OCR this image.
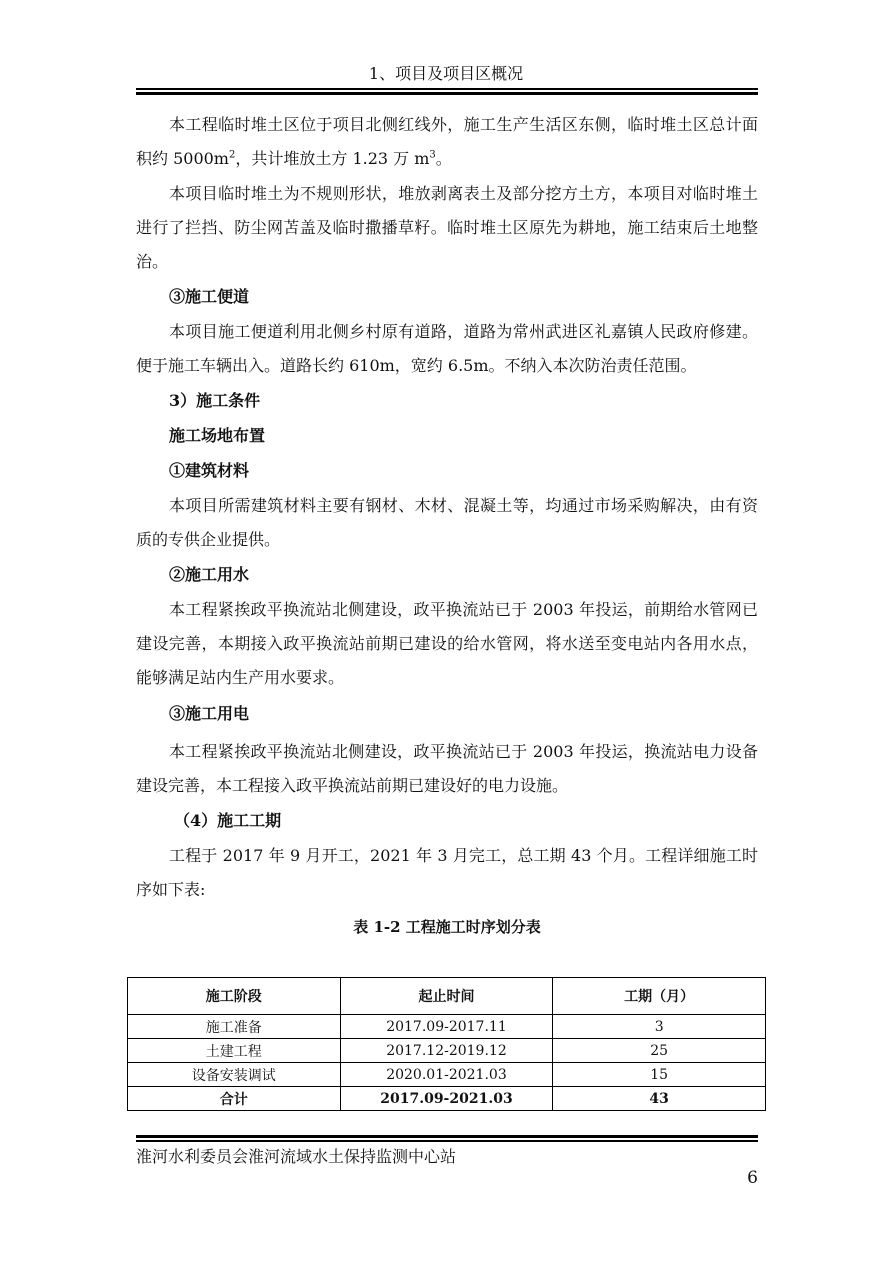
1、项目及项目区概况

本工程临时堆土区位于项目北侧红线外，施工生产生活区东侧，临时堆土区总计面积约 $5000m^2$，共计堆放土方 1.23 万 $m^3$。

本项目临时堆土为不规则形状，堆放剥离表土及部分挖方土方，本项目对临时堆土进行了拦挡、防尘网苫盖及临时撒播草籽。临时堆土区原先为耕地，施工结束后土地整治。

③施工便道

本项目施工便道利用北侧乡村原有道路，道路为常州武进区礼嘉镇人民政府修建。便于施工车辆出入。道路长约 610m，宽约 6.5m。不纳入本次防治责任范围。

3）施工条件

施工场地布置

①建筑材料

本项目所需建筑材料主要有钢材、木材、混凝土等，均通过市场采购解决，由有资质的专供企业提供。

②施工用水

本工程紧挨政平换流站北侧建设，政平换流站已于 2003 年投运，前期给水管网已建设完善，本期接入政平换流站前期已建设的给水管网，将水送至变电站内各用水点，能够满足站内生产用水要求。

③施工用电

本工程紧挨政平换流站北侧建设，政平换流站已于 2003 年投运，换流站电力设备建设完善，本工程接入政平换流站前期已建设好的电力设施。

（4）施工工期

工程于 2017 年 9 月开工，2021 年 3 月完工，总工期 43 个月。工程详细施工时序如下表:

表 1-2 工程施工时序划分表
施工阶段	起止时间	工期（月）
施工准备	2017.09-2017.11	3
土建工程	2017.12-2019.12	25
设备安装调试	2020.01-2021.03	15
合计	2017.09-2021.03	43
淮河水利委员会淮河流域水土保持监测中心站
6
